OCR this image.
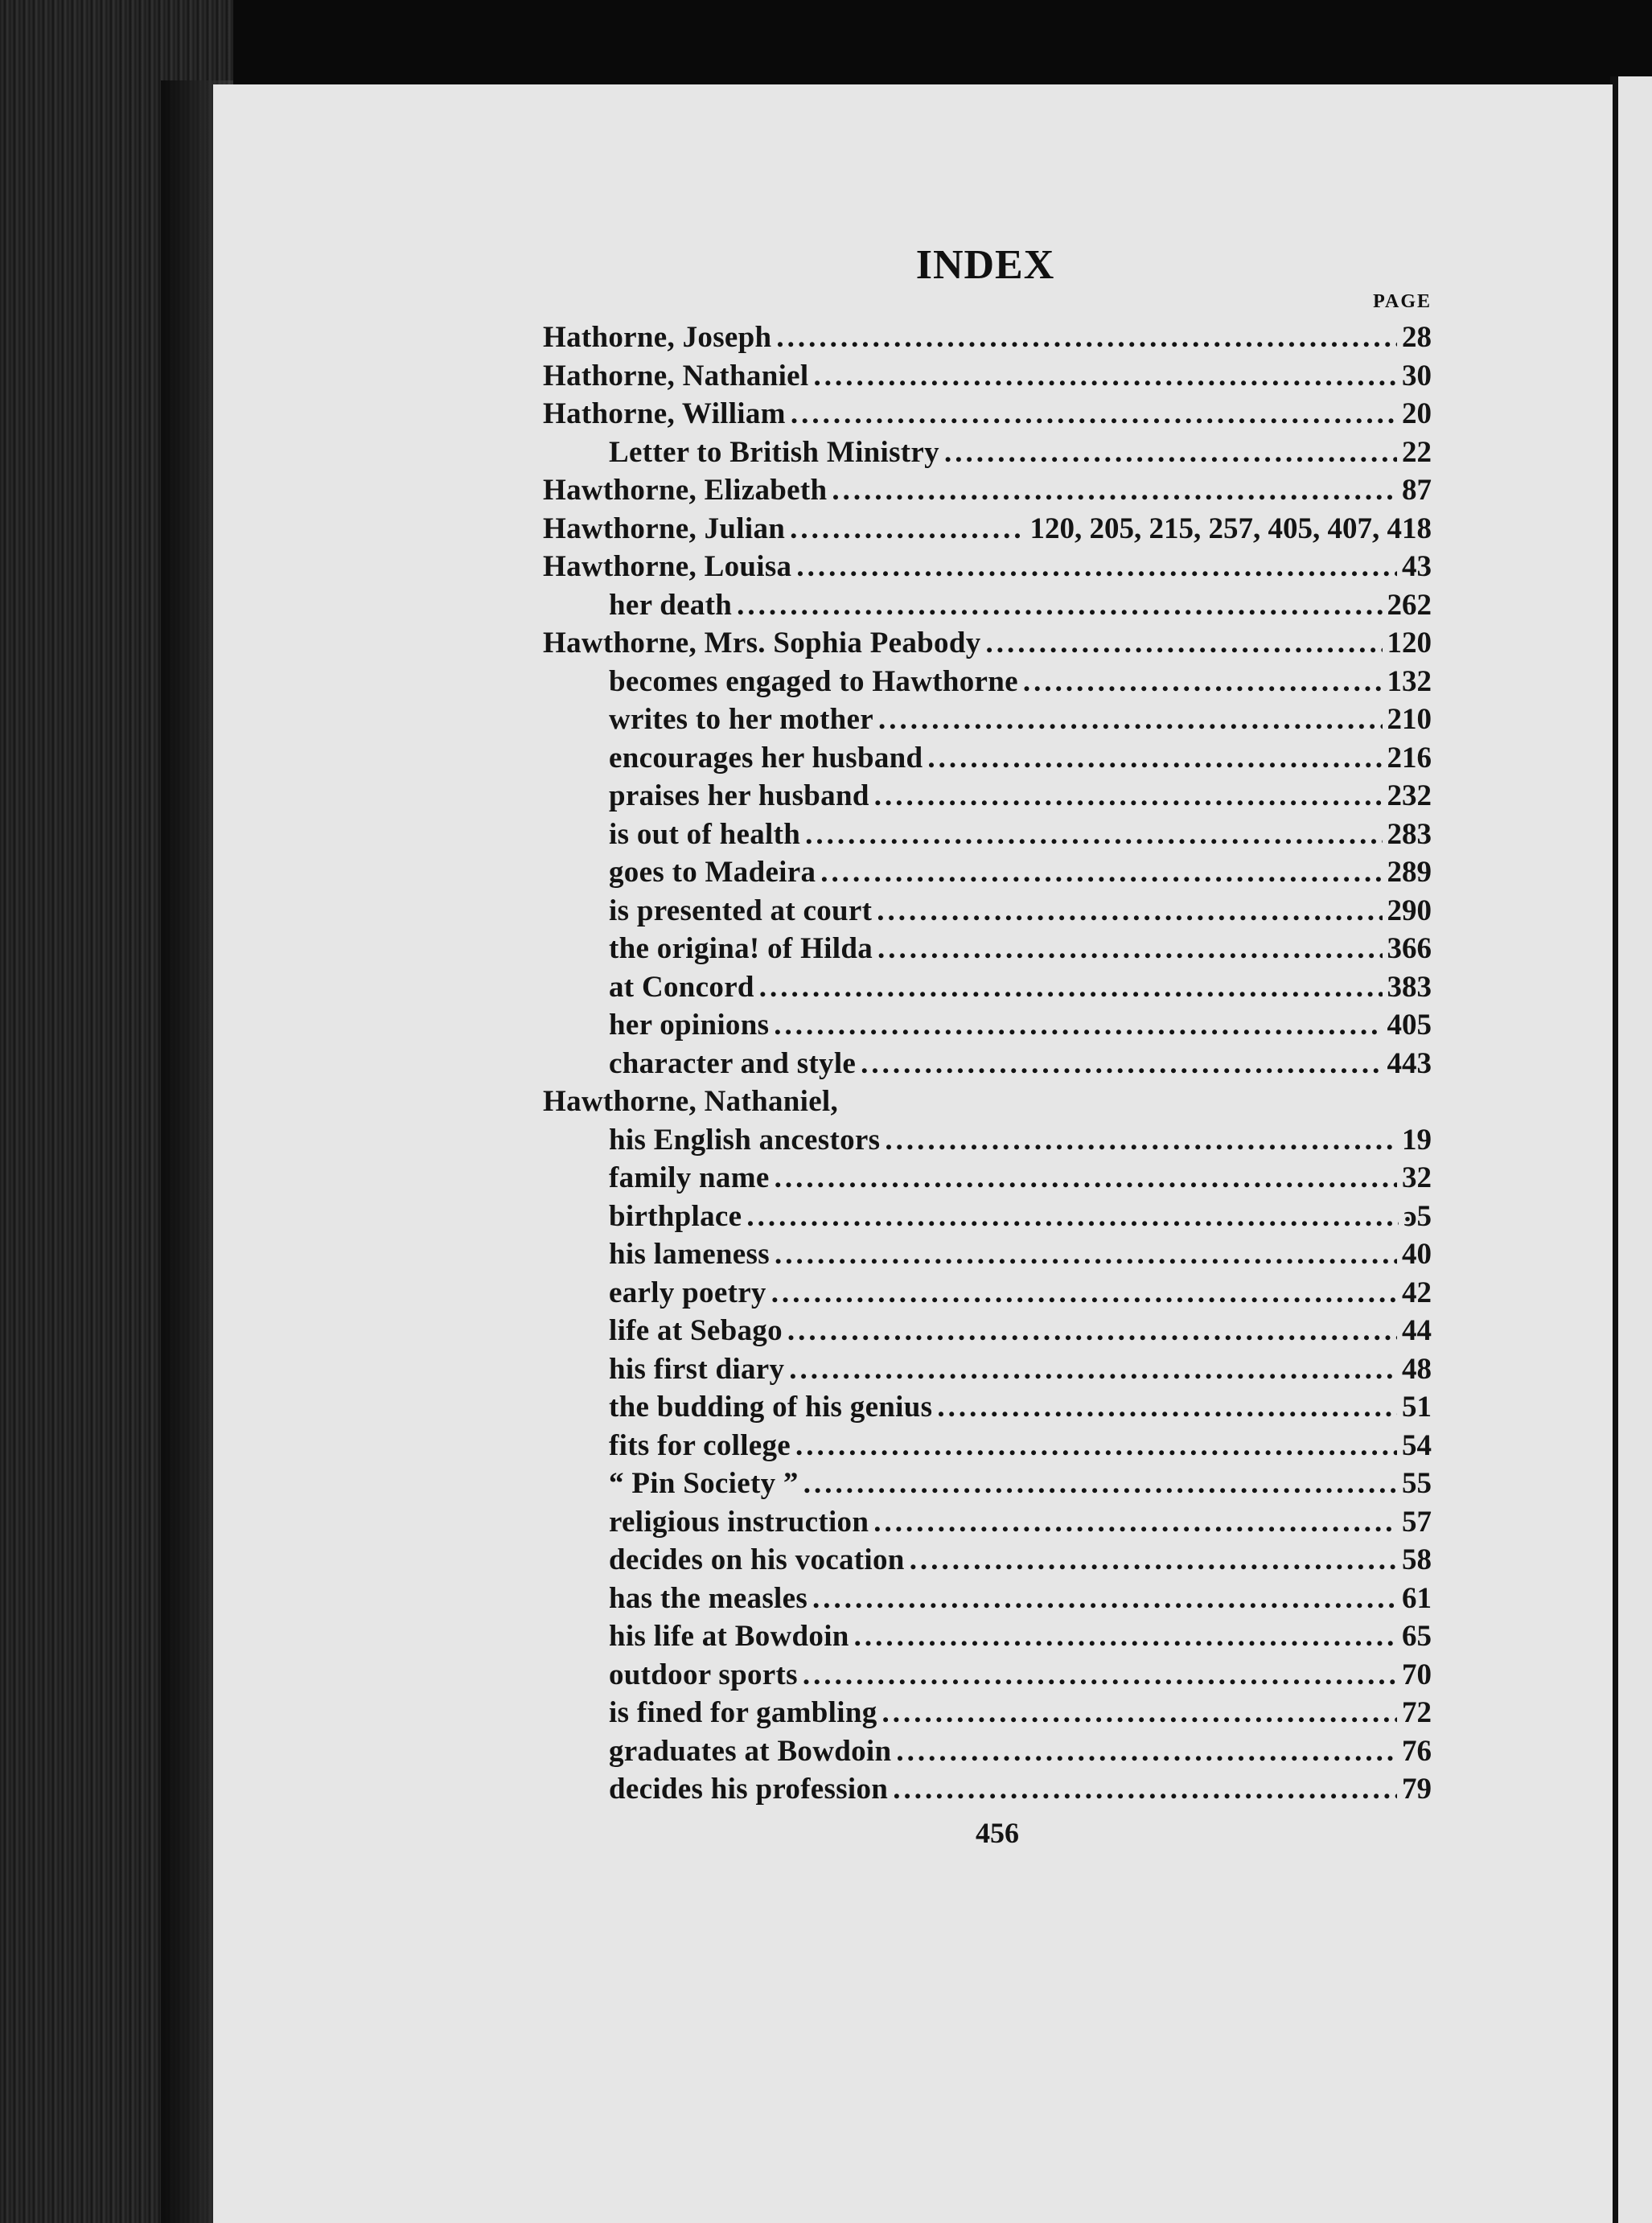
INDEX
PAGE
Hathorne, Joseph .....	28
Hathorne, Nathaniel .....	30
Hathorne, William .....	20
Letter to British Ministry .....	22
Hawthorne, Elizabeth .....	87
Hawthorne, Julian .....	120, 205, 215, 257, 405, 407, 418
Hawthorne, Louisa .....	43
her death .....	262
Hawthorne, Mrs. Sophia Peabody .....	120
becomes engaged to Hawthorne .....	132
writes to her mother .....	210
encourages her husband .....	216
praises her husband .....	232
is out of health .....	283
goes to Madeira .....	289
is presented at court .....	290
the origina! of Hilda .....	366
at Concord .....	383
her opinions .....	405
character and style .....	443
Hawthorne, Nathaniel,
his English ancestors .....	19
family name .....	32
birthplace .....	ͽ5
his lameness .....	40
early poetry .....	42
life at Sebago .....	44
his first diary .....	48
the budding of his genius .....	51
fits for college .....	54
“ Pin Society ” .....	55
religious instruction .....	57
decides on his vocation .....	58
has the measles .....	61
his life at Bowdoin .....	65
outdoor sports .....	70
is fined for gambling .....	72
graduates at Bowdoin .....	76
decides his profession .....	79
456
